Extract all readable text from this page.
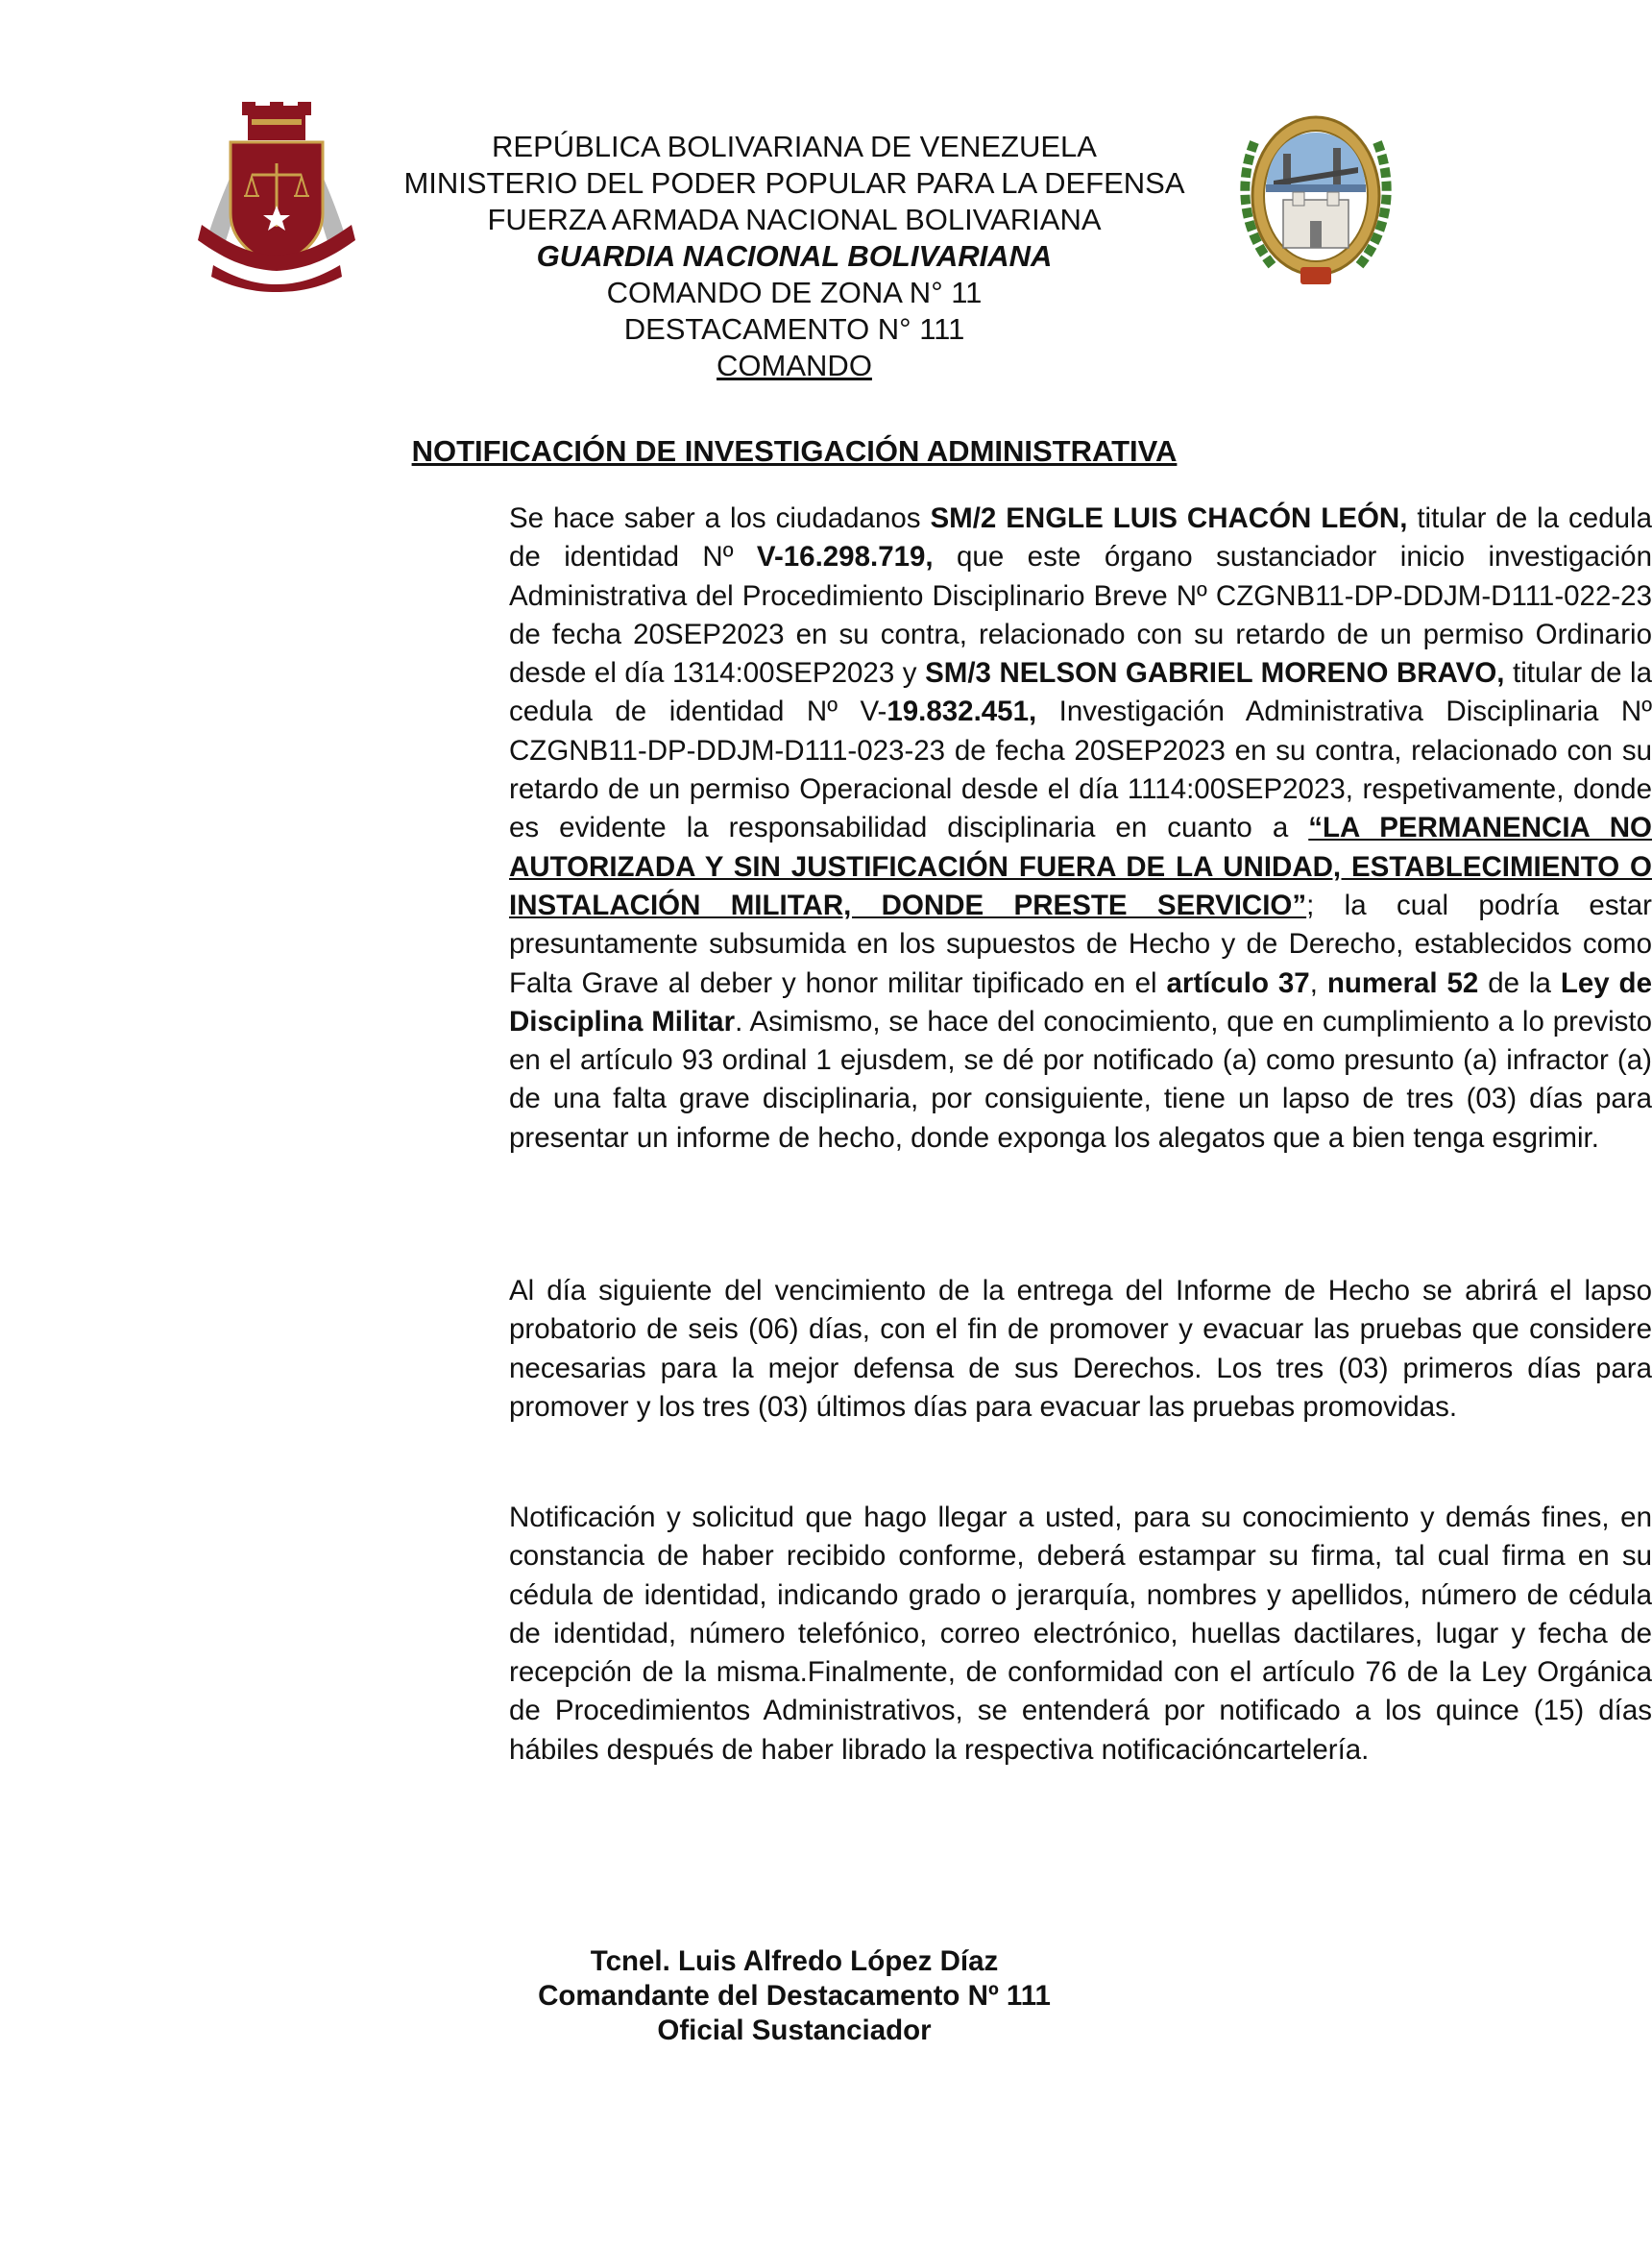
REPÚBLICA BOLIVARIANA DE VENEZUELA
MINISTERIO DEL PODER POPULAR PARA LA DEFENSA
FUERZA ARMADA NACIONAL BOLIVARIANA
GUARDIA NACIONAL BOLIVARIANA
COMANDO DE ZONA N° 11
DESTACAMENTO N° 111
COMANDO
NOTIFICACIÓN DE INVESTIGACIÓN ADMINISTRATIVA

Se hace saber a los ciudadanos SM/2 ENGLE LUIS CHACÓN LEÓN, titular de la cedula de identidad Nº V-16.298.719, que este órgano sustanciador inicio investigación Administrativa del Procedimiento Disciplinario Breve Nº CZGNB11-DP-DDJM-D111-022-23 de fecha 20SEP2023 en su contra, relacionado con su retardo de un permiso Ordinario desde el día 1314:00SEP2023 y SM/3 NELSON GABRIEL MORENO BRAVO, titular de la cedula de identidad Nº V-19.832.451, Investigación Administrativa Disciplinaria Nº CZGNB11-DP-DDJM-D111-023-23 de fecha 20SEP2023 en su contra, relacionado con su retardo de un permiso Operacional desde el día 1114:00SEP2023, respetivamente, donde es evidente la responsabilidad disciplinaria en cuanto a “LA PERMANENCIA NO AUTORIZADA Y SIN JUSTIFICACIÓN FUERA DE LA UNIDAD, ESTABLECIMIENTO O INSTALACIÓN MILITAR, DONDE PRESTE SERVICIO”; la cual podría estar presuntamente subsumida en los supuestos de Hecho y de Derecho, establecidos como Falta Grave al deber y honor militar tipificado en el artículo 37, numeral 52 de la Ley de Disciplina Militar. Asimismo, se hace del conocimiento, que en cumplimiento a lo previsto en el artículo 93 ordinal 1 ejusdem, se dé por notificado (a) como presunto (a) infractor (a) de una falta grave disciplinaria, por consiguiente, tiene un lapso de tres (03) días para presentar un informe de hecho, donde exponga los alegatos que a bien tenga esgrimir.

Al día siguiente del vencimiento de la entrega del Informe de Hecho se abrirá el lapso probatorio de seis (06) días, con el fin de promover y evacuar las pruebas que considere necesarias para la mejor defensa de sus Derechos. Los tres (03) primeros días para promover y los tres (03) últimos días para evacuar las pruebas promovidas.

Notificación y solicitud que hago llegar a usted, para su conocimiento y demás fines, en constancia de haber recibido conforme, deberá estampar su firma, tal cual firma en su cédula de identidad, indicando grado o jerarquía, nombres y apellidos, número de cédula de identidad, número telefónico, correo electrónico, huellas dactilares, lugar y fecha de recepción de la misma.Finalmente, de conformidad con el artículo 76 de la Ley Orgánica de Procedimientos Administrativos, se entenderá por notificado a los quince (15) días hábiles después de haber librado la respectiva notificacióncartelería.

Tcnel. Luis Alfredo López Díaz
Comandante del Destacamento Nº 111
Oficial Sustanciador
